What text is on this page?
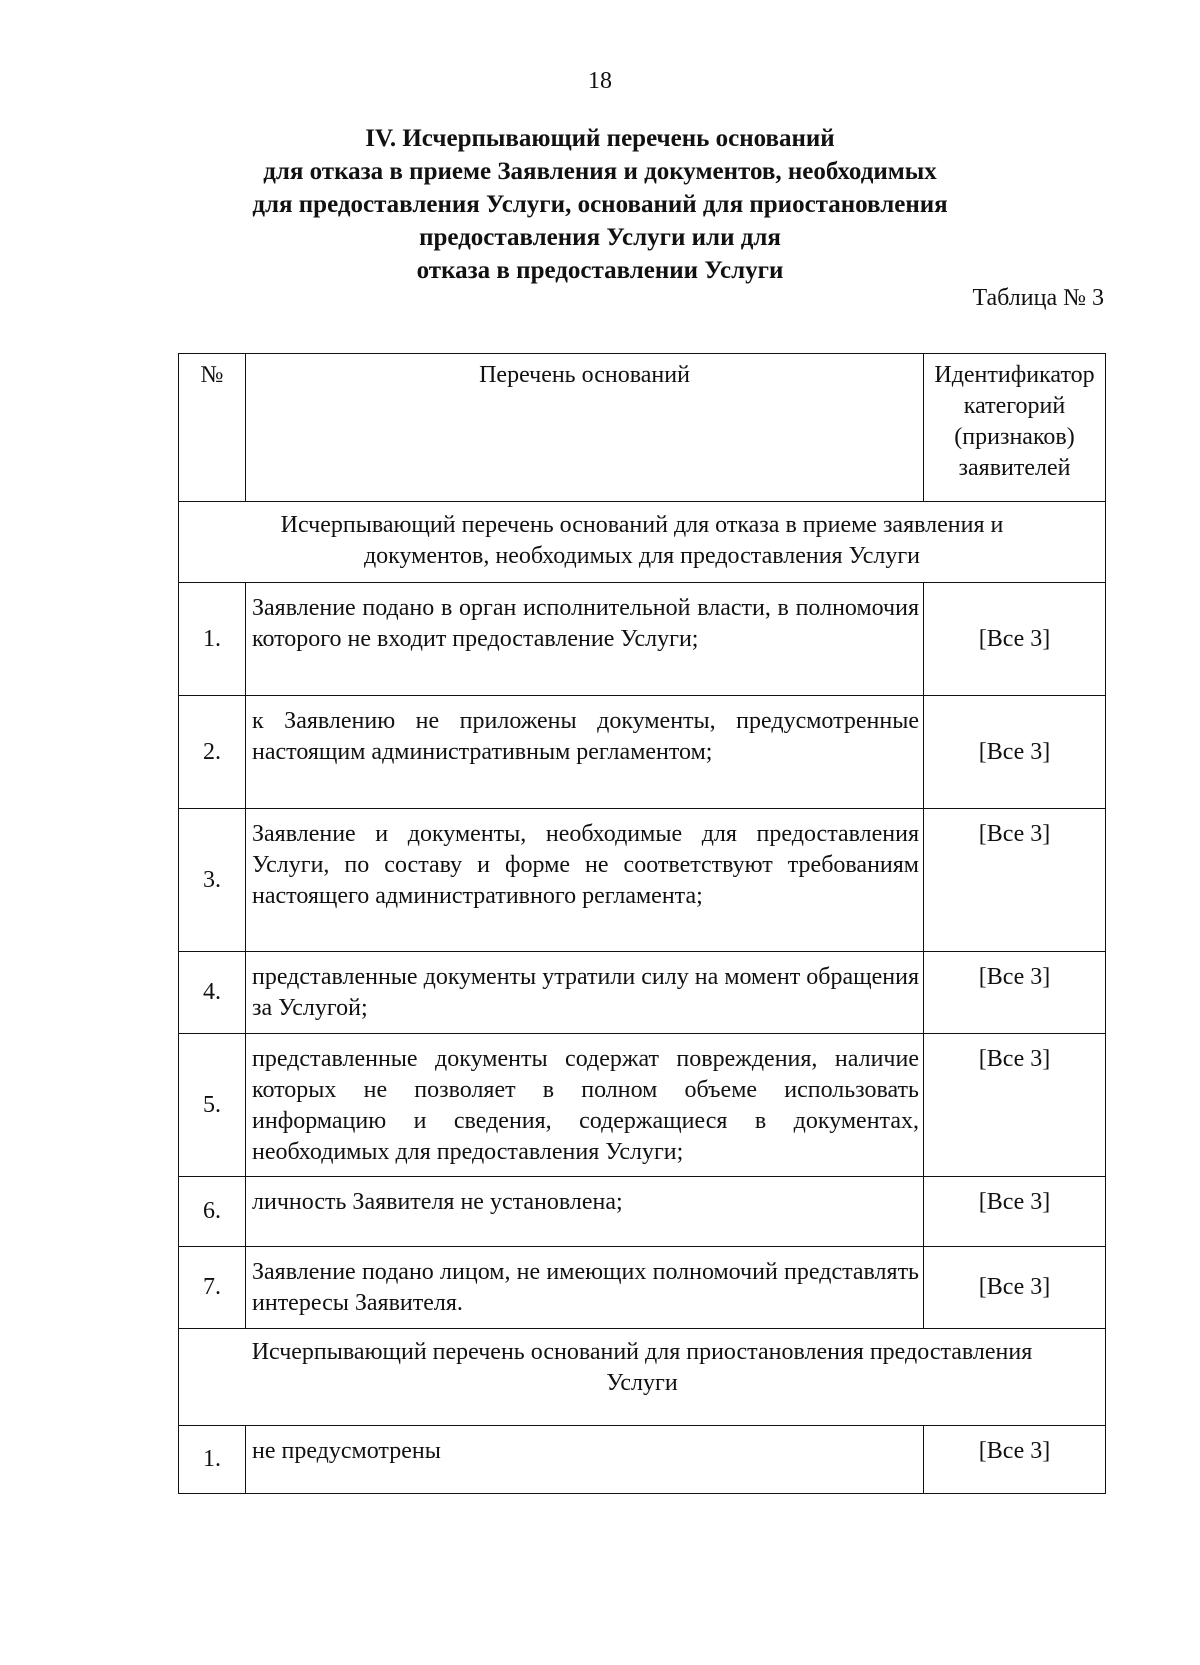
18
IV. Исчерпывающий перечень оснований
для отказа в приеме Заявления и документов, необходимых
для предоставления Услуги, оснований для приостановления
предоставления Услуги или для
отказа в предоставлении Услуги
Таблица № 3
№	Перечень оснований	Идентификатор категорий (признаков) заявителей
Исчерпывающий перечень оснований для отказа в приеме заявления и документов, необходимых для предоставления Услуги		
1.	Заявление подано в орган исполнительной власти, в полномочия которого не входит предоставление Услуги;	[Все 3]
2.	к Заявлению не приложены документы, предусмотренные настоящим административным регламентом;	[Все 3]
3.	Заявление и документы, необходимые для предоставления Услуги, по составу и форме не соответствуют требованиям настоящего административного регламента;	[Все 3]
4.	представленные документы утратили силу на момент обращения за Услугой;	[Все 3]
5.	представленные документы содержат повреждения, наличие которых не позволяет в полном объеме использовать информацию и сведения, содержащиеся в документах, необходимых для предоставления Услуги;	[Все 3]
6.	личность Заявителя не установлена;	[Все 3]
7.	Заявление подано лицом, не имеющих полномочий представлять интересы Заявителя.	[Все 3]
Исчерпывающий перечень оснований для приостановления предоставления Услуги		
1.	не предусмотрены	[Все 3]
